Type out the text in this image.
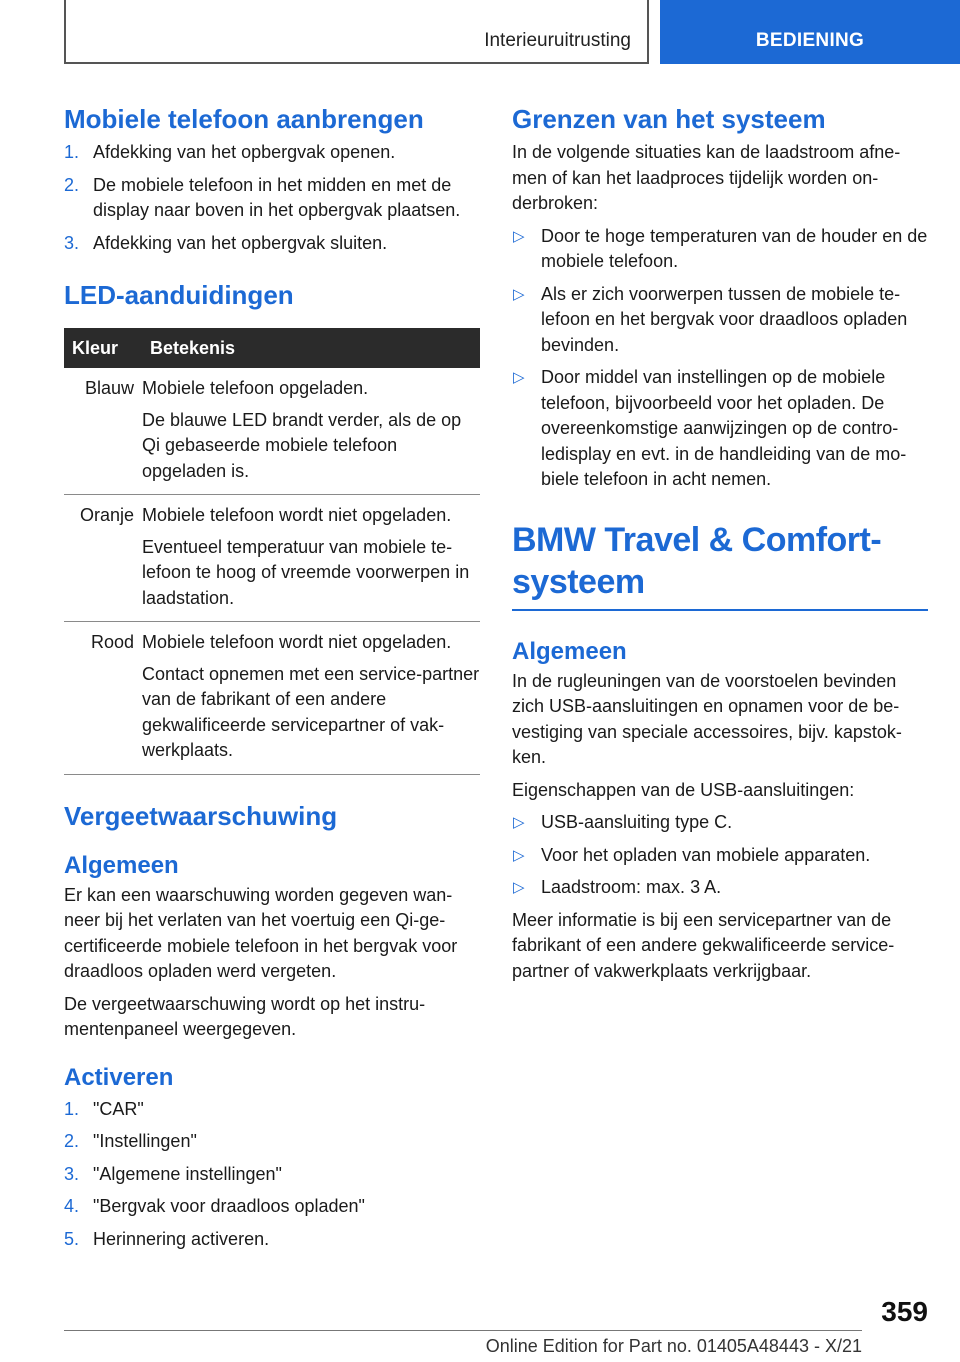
Interieuruitrusting	BEDIENING
Mobiele telefoon aanbrengen
1. Afdekking van het opbergvak openen.
2. De mobiele telefoon in het midden en met de display naar boven in het opbergvak plaatsen.
3. Afdekking van het opbergvak sluiten.
LED-aanduidingen
Kleur	Betekenis
Blauw	Mobiele telefoon opgeladen.

De blauwe LED brandt verder, als de op Qi gebaseerde mobiele telefoon opgeladen is.

Oranje	Mobiele telefoon wordt niet opgeladen.

Eventueel temperatuur van mobiele te-lefoon te hoog of vreemde voorwerpen in laadstation.

Rood	Mobiele telefoon wordt niet opgeladen.

Contact opnemen met een service-partner van de fabrikant of een andere gekwalificeerde servicepartner of vak-werkplaats.

Vergeetwaarschuwing
Algemeen

Er kan een waarschuwing worden gegeven wan-neer bij het verlaten van het voertuig een Qi-ge-certificeerde mobiele telefoon in het bergvak voor draadloos opladen werd vergeten.

De vergeetwaarschuwing wordt op het instru-mentenpaneel weergegeven.

Activeren
1. "CAR"
2. "Instellingen"
3. "Algemene instellingen"
4. "Bergvak voor draadloos opladen"
5. Herinnering activeren.
Grenzen van het systeem

In de volgende situaties kan de laadstroom afne-men of kan het laadproces tijdelijk worden on-derbroken:

▷ Door te hoge temperaturen van de houder en de mobiele telefoon.
▷ Als er zich voorwerpen tussen de mobiele te-lefoon en het bergvak voor draadloos opladen bevinden.
▷ Door middel van instellingen op de mobiele telefoon, bijvoorbeeld voor het opladen. De overeenkomstige aanwijzingen op de contro-ledisplay en evt. in de handleiding van de mo-biele telefoon in acht nemen.
BMW Travel & Comfort-systeem
Algemeen

In de rugleuningen van de voorstoelen bevinden zich USB-aansluitingen en opnamen voor de be-vestiging van speciale accessoires, bijv. kapstok-ken.

Eigenschappen van de USB-aansluitingen:

▷ USB-aansluiting type C.
▷ Voor het opladen van mobiele apparaten.
▷ Laadstroom: max. 3 A.

Meer informatie is bij een servicepartner van de fabrikant of een andere gekwalificeerde service-partner of vakwerkplaats verkrijgbaar.

359
Online Edition for Part no. 01405A48443 - X/21
